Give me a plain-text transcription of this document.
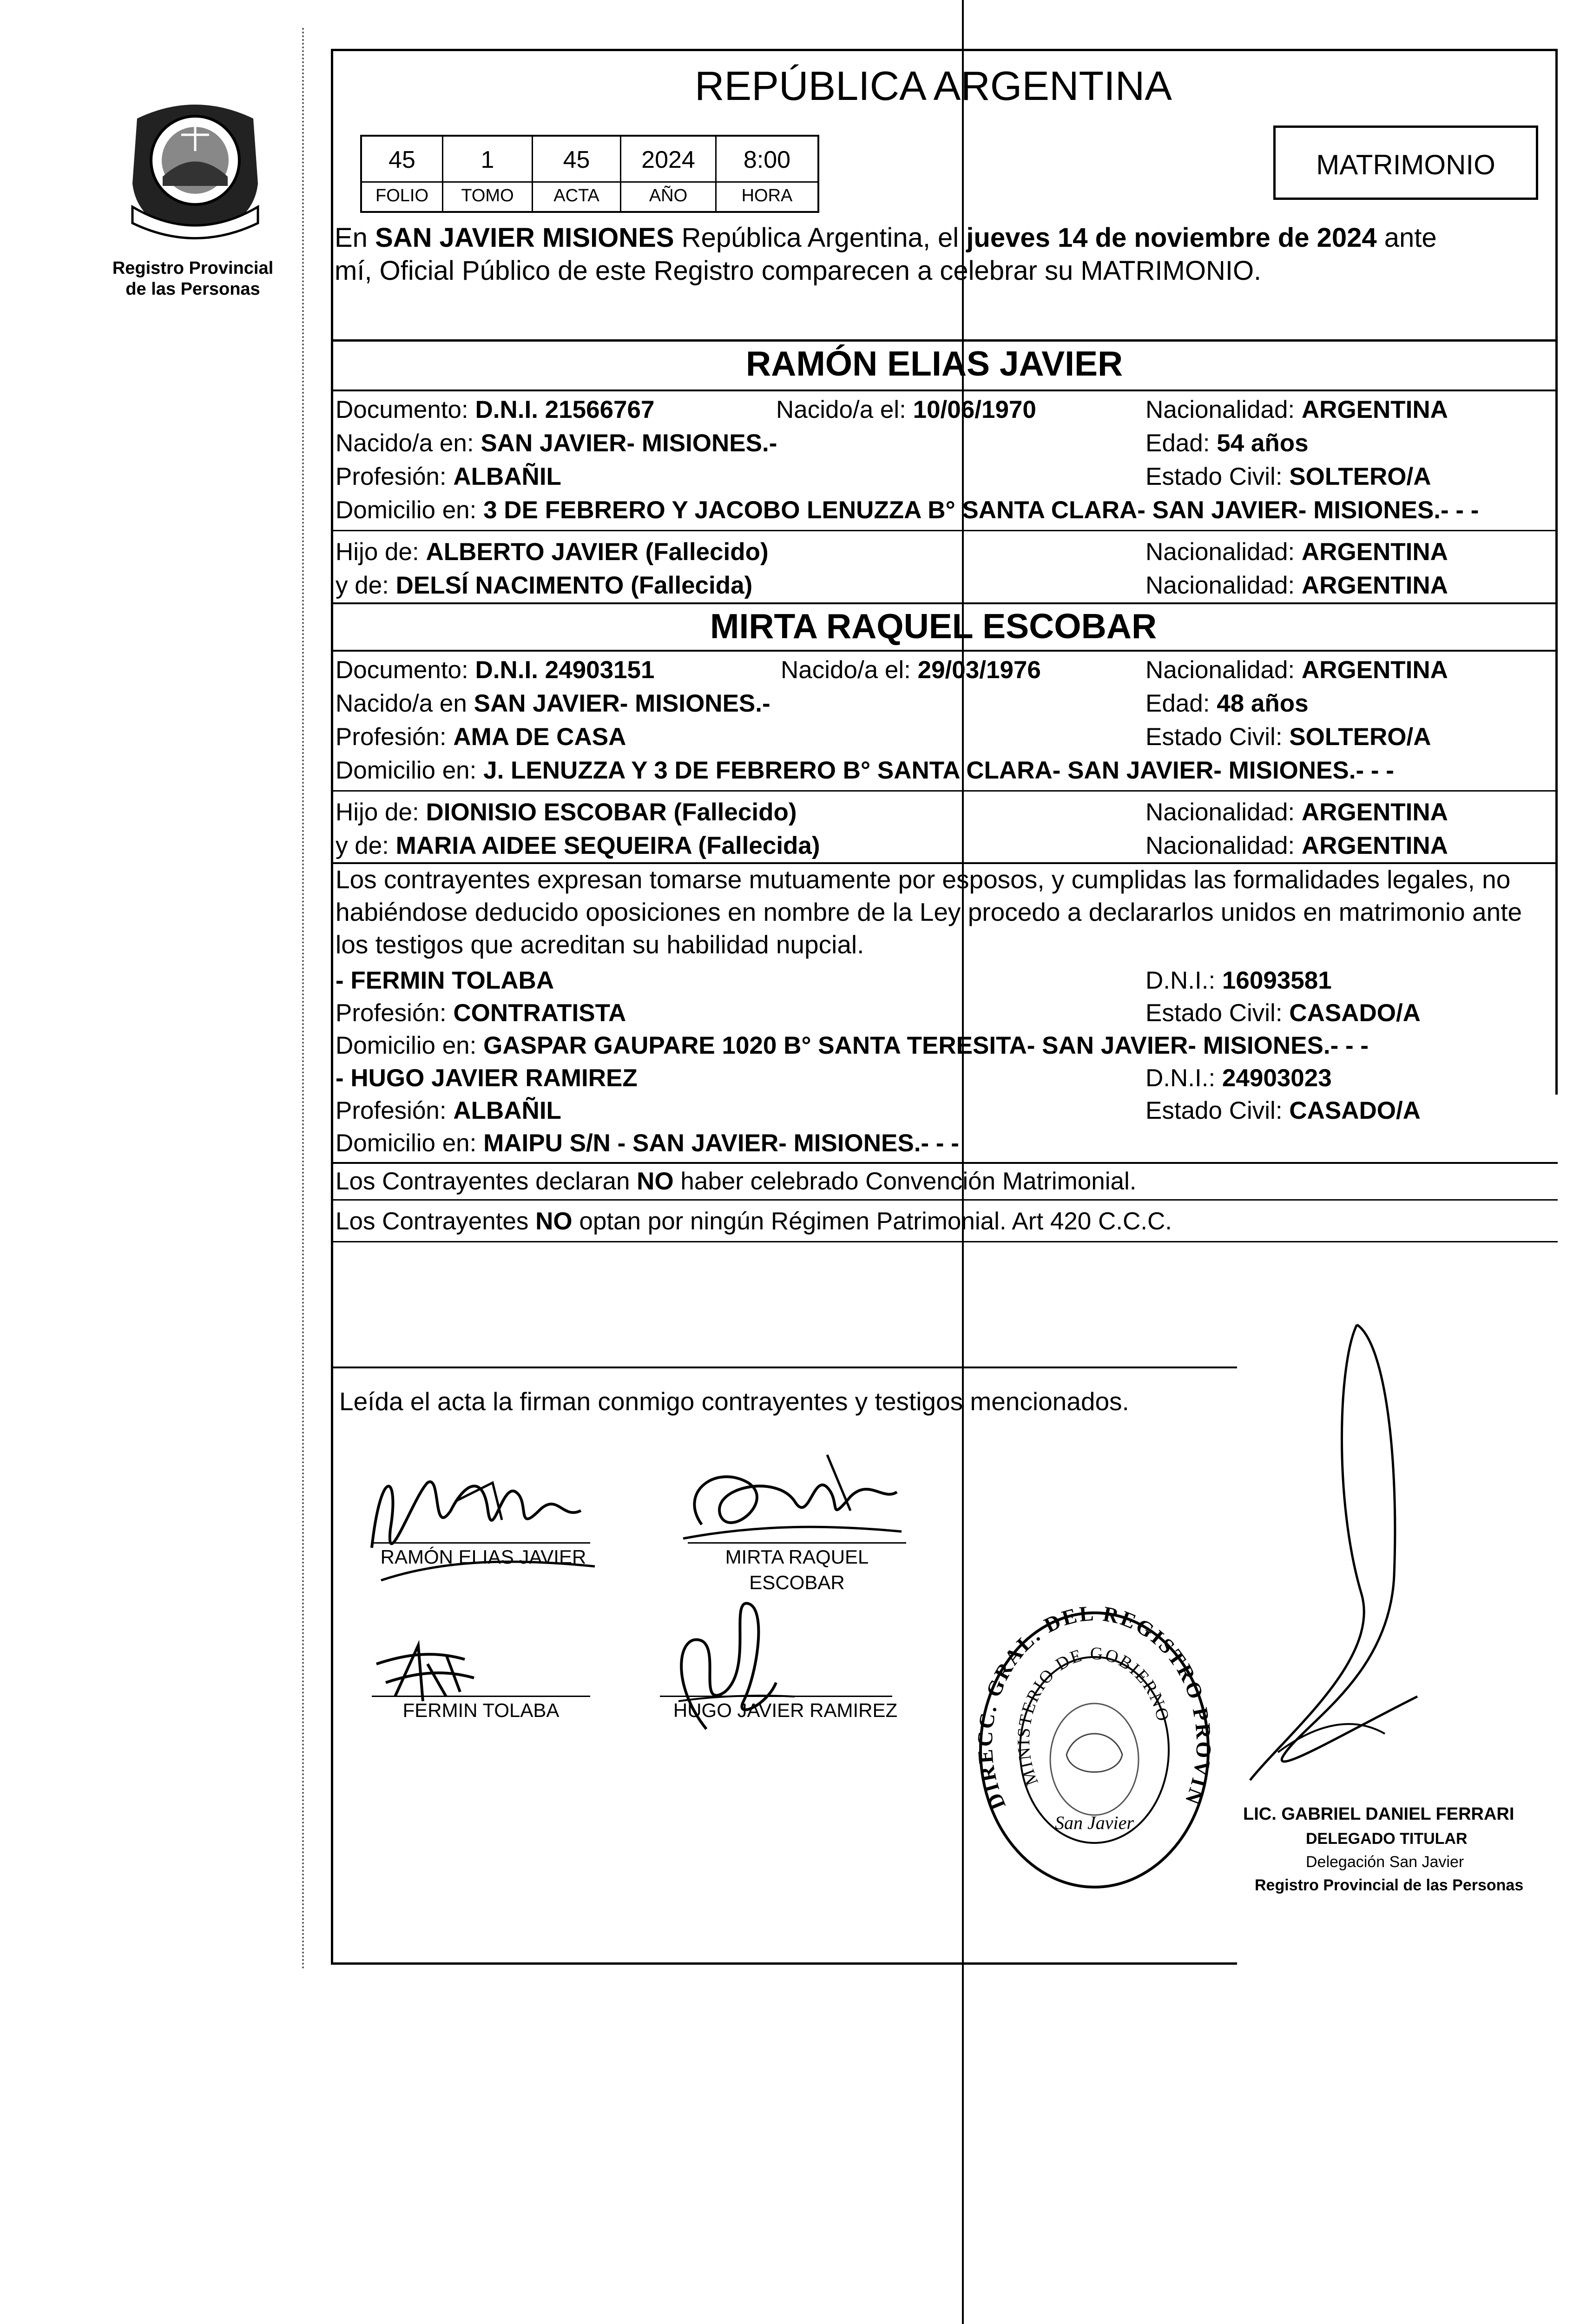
Registro Provincial
de las Personas
REPÚBLICA ARGENTINA
45	1	45	2024	8:00
FOLIO	TOMO	ACTA	AÑO	HORA
MATRIMONIO
En SAN JAVIER MISIONES República Argentina, el jueves 14 de noviembre de 2024 ante
mí, Oficial Público de este Registro comparecen a celebrar su MATRIMONIO.
RAMÓN ELIAS JAVIER
Documento: D.N.I. 21566767	Nacido/a el: 10/06/1970	Nacionalidad: ARGENTINA
Nacido/a en: SAN JAVIER- MISIONES.-	Edad: 54 años
Profesión: ALBAÑIL	Estado Civil: SOLTERO/A
Domicilio en: 3 DE FEBRERO Y JACOBO LENUZZA B° SANTA CLARA- SAN JAVIER- MISIONES.- - -
Hijo de: ALBERTO JAVIER (Fallecido)	Nacionalidad: ARGENTINA
y de: DELSÍ NACIMENTO (Fallecida)	Nacionalidad: ARGENTINA
MIRTA RAQUEL ESCOBAR
Documento: D.N.I. 24903151	Nacido/a el: 29/03/1976	Nacionalidad: ARGENTINA
Nacido/a en SAN JAVIER- MISIONES.-	Edad: 48 años
Profesión: AMA DE CASA	Estado Civil: SOLTERO/A
Domicilio en: J. LENUZZA Y 3 DE FEBRERO B° SANTA CLARA- SAN JAVIER- MISIONES.- - -
Hijo de: DIONISIO ESCOBAR (Fallecido)	Nacionalidad: ARGENTINA
y de: MARIA AIDEE SEQUEIRA (Fallecida)	Nacionalidad: ARGENTINA
Los contrayentes expresan tomarse mutuamente por esposos, y cumplidas las formalidades legales, no
habiéndose deducido oposiciones en nombre de la Ley procedo a declararlos unidos en matrimonio ante
los testigos que acreditan su habilidad nupcial.
- FERMIN TOLABA	D.N.I.: 16093581
Profesión: CONTRATISTA	Estado Civil: CASADO/A
Domicilio en: GASPAR GAUPARE 1020 B° SANTA TERESITA- SAN JAVIER- MISIONES.- - -
- HUGO JAVIER RAMIREZ	D.N.I.: 24903023
Profesión: ALBAÑIL	Estado Civil: CASADO/A
Domicilio en: MAIPU S/N - SAN JAVIER- MISIONES.- - -
Los Contrayentes declaran NO haber celebrado Convención Matrimonial.
Los Contrayentes NO optan por ningún Régimen Patrimonial. Art 420 C.C.C.
Leída el acta la firman conmigo contrayentes y testigos mencionados.
RAMÓN ELIAS JAVIER	MIRTA RAQUEL
ESCOBAR
FERMIN TOLABA	HUGO JAVIER RAMIREZ
DIRECC. GRAL. DEL REGISTRO PROVINCIAL DE LAS PERSONAS
MINISTERIO DE GOBIERNO
San Javier	LIC. GABRIEL DANIEL FERRARI
DELEGADO TITULAR
Delegación San Javier
Registro Provincial de las Personas
